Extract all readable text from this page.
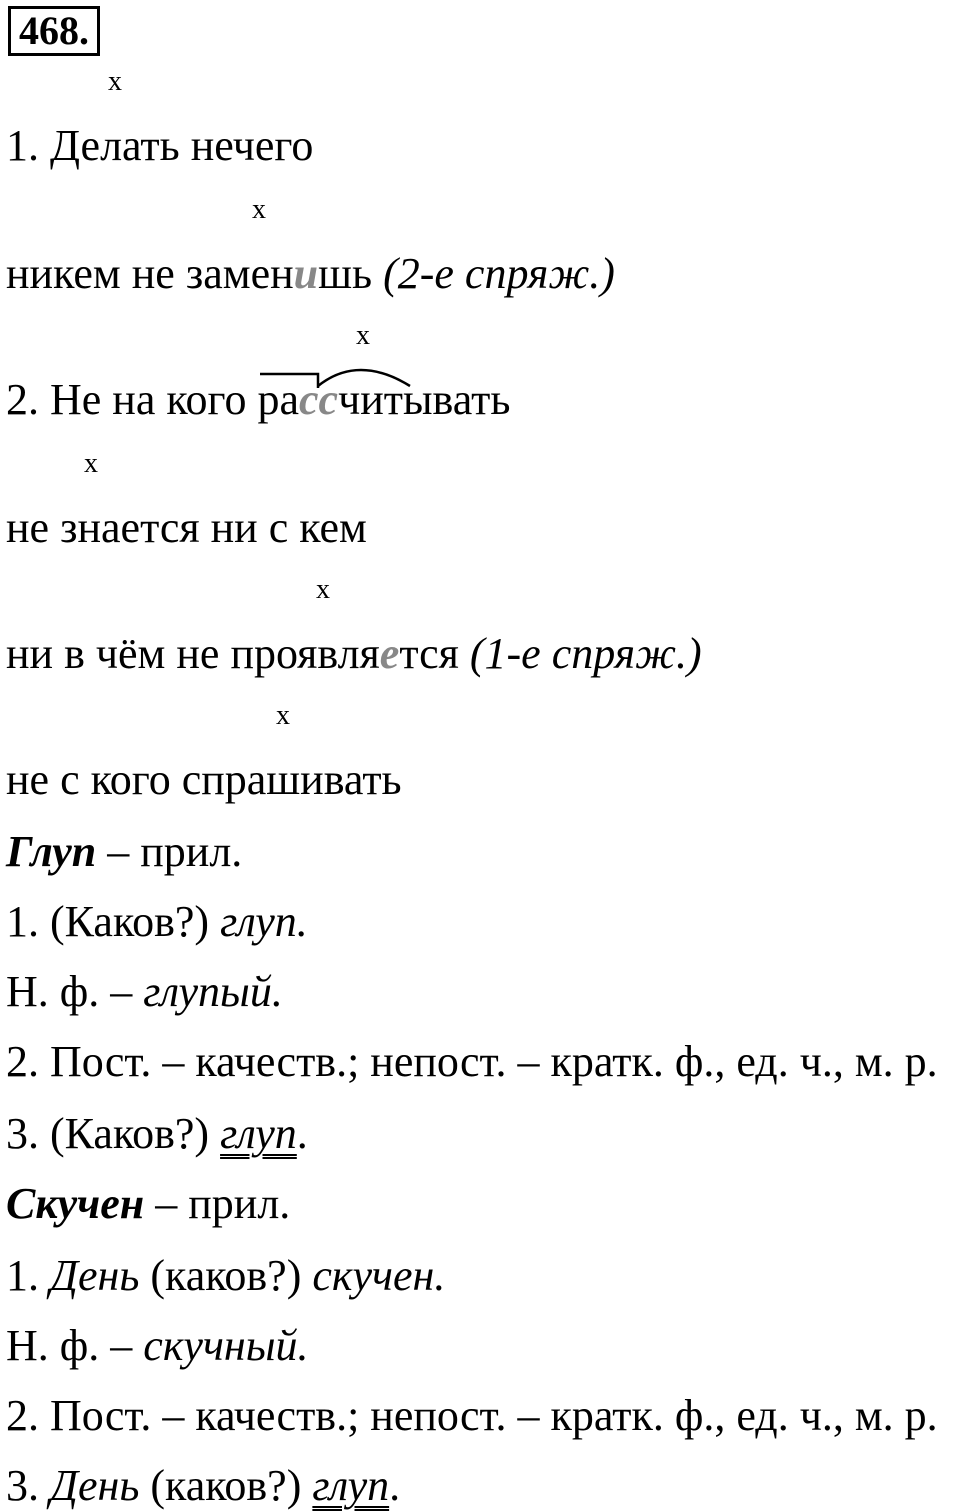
468.
x
x
x
x
x
x
1. Делать нечего
никем не заменишь (2-е спряж.)
2. Не на кого рассчитывать
не знается ни с кем
ни в чём не проявляется (1-е спряж.)
не с кого спрашивать
Глуп – прил.
1. (Каков?) глуп.
Н. ф. – глупый.
2. Пост. – качеств.; непост. – кратк. ф., ед. ч., м. р.
3. (Каков?) глуп.
Скучен – прил.
1. День (каков?) скучен.
Н. ф. – скучный.
2. Пост. – качеств.; непост. – кратк. ф., ед. ч., м. р.
3. День (каков?) глуп.
